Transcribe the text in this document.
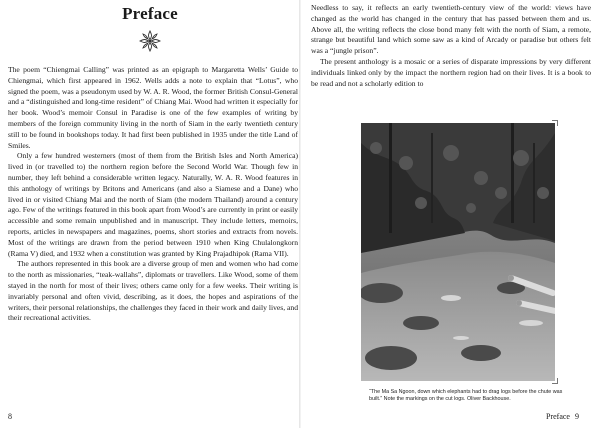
Preface

The poem “Chiengmai Calling” was printed as an epigraph to Margaretta Wells’ Guide to Chiengmai, which first appeared in 1962. Wells adds a note to explain that “Lotus”, who signed the poem, was a pseudonym used by W. A. R. Wood, the former British Consul-General and a “distinguished and long-time resident” of Chiang Mai. Wood had written it especially for her book. Wood’s memoir Consul in Paradise is one of the few examples of writing by members of the foreign community living in the north of Siam in the early twentieth century still to be found in bookshops today. It had first been published in 1935 under the title Land of Smiles.

Only a few hundred westerners (most of them from the British Isles and North America) lived in (or travelled to) the northern region before the Second World War. Though few in number, they left behind a considerable written legacy. Naturally, W. A. R. Wood features in this anthology of writings by Britons and Americans (and also a Siamese and a Dane) who lived in or visited Chiang Mai and the north of Siam (the modern Thailand) around a century ago. Few of the writings featured in this book apart from Wood’s are currently in print or easily accessible and some remain unpublished and in manuscript. They include letters, memoirs, reports, articles in newspapers and magazines, poems, short stories and extracts from novels. Most of the writings are drawn from the period between 1910 when King Chulalongkorn (Rama V) died, and 1932 when a constitution was granted by King Prajadhipok (Rama VII).

The authors represented in this book are a diverse group of men and women who had come to the north as missionaries, “teak-wallahs”, diplomats or travellers. Like Wood, some of them stayed in the north for most of their lives; others came only for a few weeks. Their writing is invariably personal and often vivid, describing, as it does, the hopes and aspirations of the writers, their personal relationships, the challenges they faced in their work and daily lives, and their recreational activities.

8

Needless to say, it reflects an early twentieth-century view of the world: views have changed as the world has changed in the century that has passed between them and us. Above all, the writing reflects the close bond many felt with the north of Siam, a remote, strange but beautiful land which some saw as a kind of Arcady or paradise but others felt was a “jungle prison”.

The present anthology is a mosaic or a series of disparate impressions by very different individuals linked only by the impact the northern region had on their lives. It is a book to be read and not a scholarly edition to

“The Ma Sa Ngoon, down which elephants had to drag logs before the chute was built.” Note the markings on the cut logs. Oliver Backhouse.

Preface 9
